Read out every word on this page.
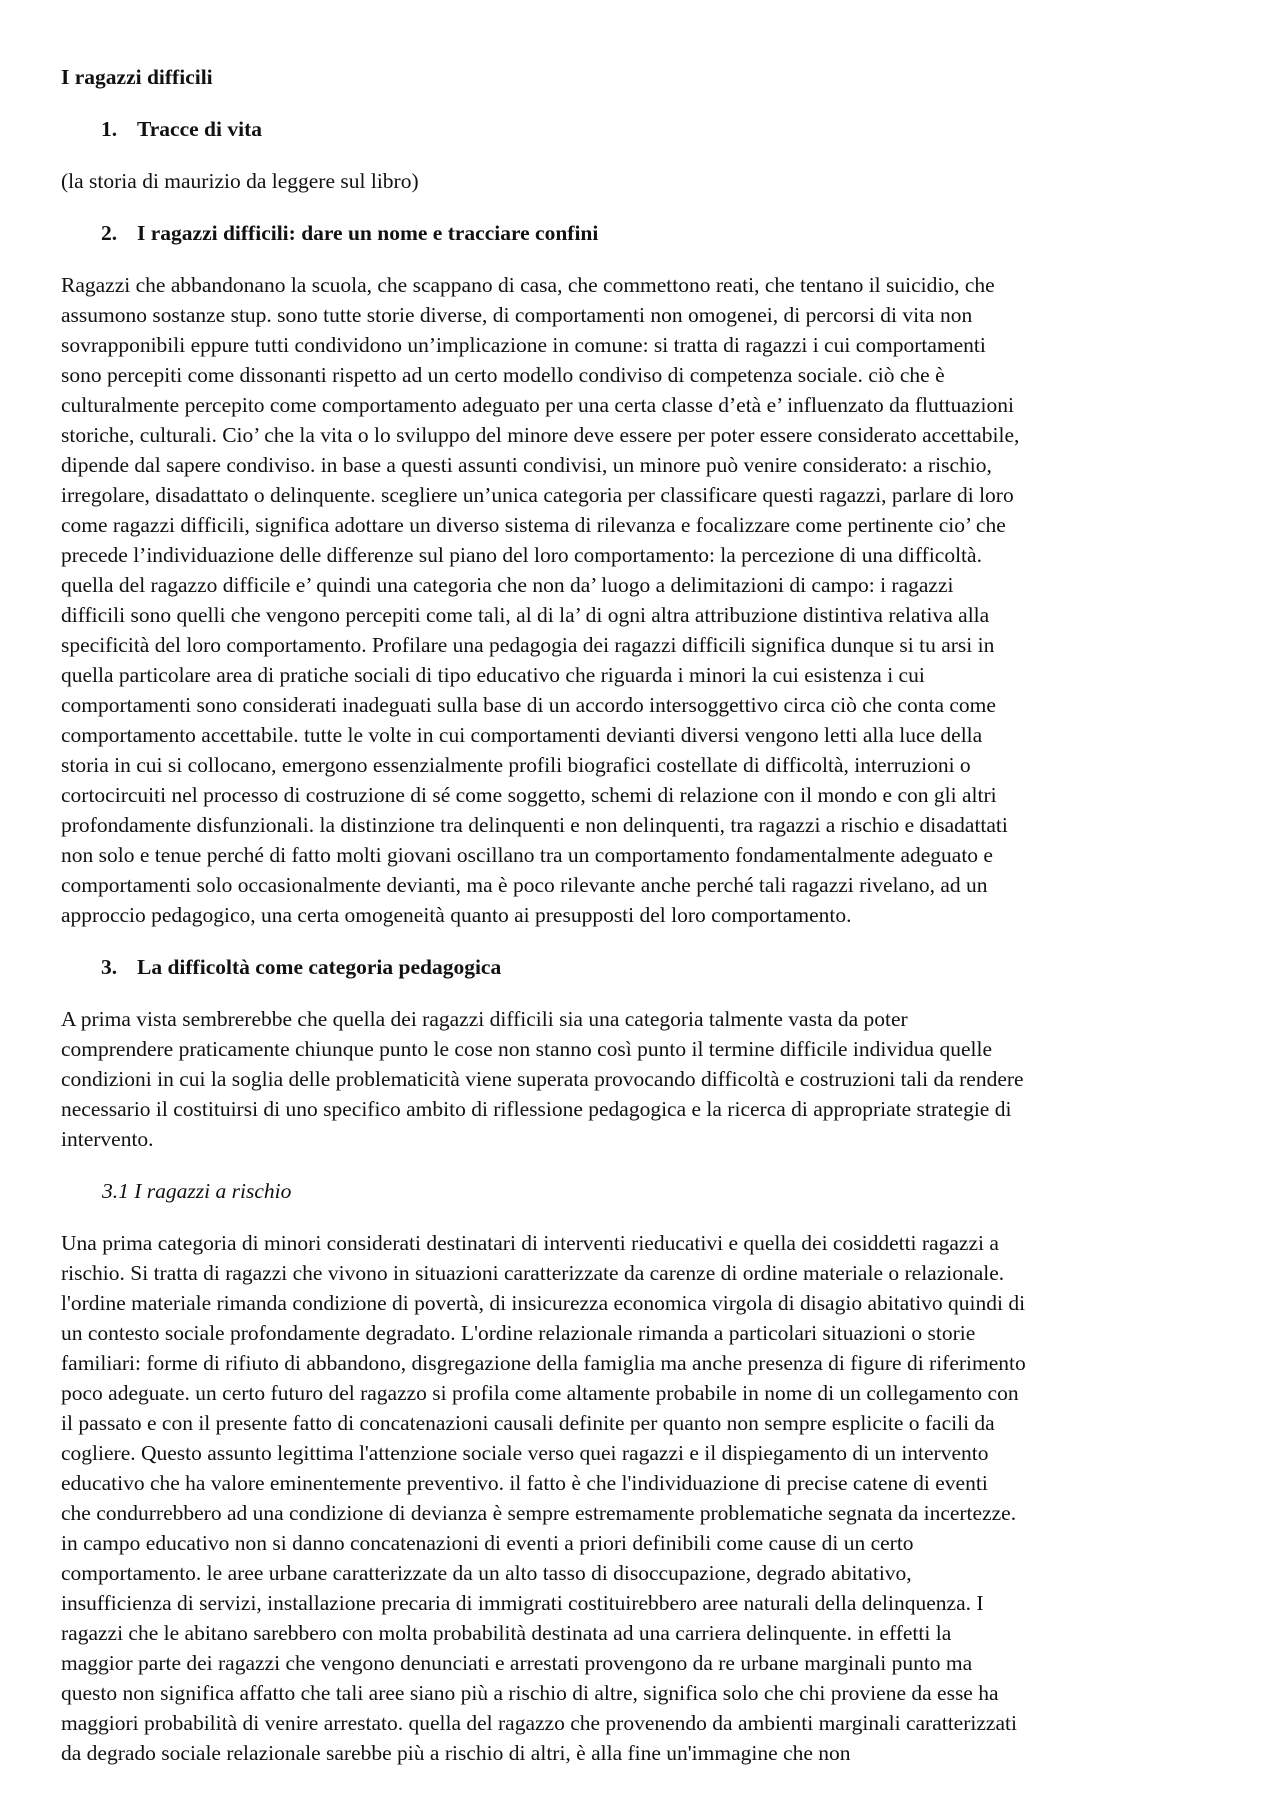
I ragazzi difficili
1. Tracce di vita
(la storia di maurizio da leggere sul libro)
2. I ragazzi difficili: dare un nome e tracciare confini
Ragazzi che abbandonano la scuola, che scappano di casa, che commettono reati, che tentano il suicidio, che
assumono sostanze stup. sono tutte storie diverse, di comportamenti non omogenei, di percorsi di vita non
sovrapponibili eppure tutti condividono un’implicazione in comune: si tratta di ragazzi i cui comportamenti
sono percepiti come dissonanti rispetto ad un certo modello condiviso di competenza sociale. ciò che è
culturalmente percepito come comportamento adeguato per una certa classe d’età e’ influenzato da fluttuazioni
storiche, culturali. Cio’ che la vita o lo sviluppo del minore deve essere per poter essere considerato accettabile,
dipende dal sapere condiviso. in base a questi assunti condivisi, un minore può venire considerato: a rischio,
irregolare, disadattato o delinquente. scegliere un’unica categoria per classificare questi ragazzi, parlare di loro
come ragazzi difficili, significa adottare un diverso sistema di rilevanza e focalizzare come pertinente cio’ che
precede l’individuazione delle differenze sul piano del loro comportamento: la percezione di una difficoltà.
quella del ragazzo difficile e’ quindi una categoria che non da’ luogo a delimitazioni di campo: i ragazzi
difficili sono quelli che vengono percepiti come tali, al di la’ di ogni altra attribuzione distintiva relativa alla
specificità del loro comportamento. Profilare una pedagogia dei ragazzi difficili significa dunque si tu arsi in
quella particolare area di pratiche sociali di tipo educativo che riguarda i minori la cui esistenza i cui
comportamenti sono considerati inadeguati sulla base di un accordo intersoggettivo circa ciò che conta come
comportamento accettabile. tutte le volte in cui comportamenti devianti diversi vengono letti alla luce della
storia in cui si collocano, emergono essenzialmente profili biografici costellate di difficoltà, interruzioni o
cortocircuiti nel processo di costruzione di sé come soggetto, schemi di relazione con il mondo e con gli altri
profondamente disfunzionali. la distinzione tra delinquenti e non delinquenti, tra ragazzi a rischio e disadattati
non solo e tenue perché di fatto molti giovani oscillano tra un comportamento fondamentalmente adeguato e
comportamenti solo occasionalmente devianti, ma è poco rilevante anche perché tali ragazzi rivelano, ad un
approccio pedagogico, una certa omogeneità quanto ai presupposti del loro comportamento.
3. La difficoltà come categoria pedagogica
A prima vista sembrerebbe che quella dei ragazzi difficili sia una categoria talmente vasta da poter
comprendere praticamente chiunque punto le cose non stanno così punto il termine difficile individua quelle
condizioni in cui la soglia delle problematicità viene superata provocando difficoltà e costruzioni tali da rendere
necessario il costituirsi di uno specifico ambito di riflessione pedagogica e la ricerca di appropriate strategie di
intervento.
3.1 I ragazzi a rischio
Una prima categoria di minori considerati destinatari di interventi rieducativi e quella dei cosiddetti ragazzi a
rischio. Si tratta di ragazzi che vivono in situazioni caratterizzate da carenze di ordine materiale o relazionale.
l'ordine materiale rimanda condizione di povertà, di insicurezza economica virgola di disagio abitativo quindi di
un contesto sociale profondamente degradato. L'ordine relazionale rimanda a particolari situazioni o storie
familiari: forme di rifiuto di abbandono, disgregazione della famiglia ma anche presenza di figure di riferimento
poco adeguate. un certo futuro del ragazzo si profila come altamente probabile in nome di un collegamento con
il passato e con il presente fatto di concatenazioni causali definite per quanto non sempre esplicite o facili da
cogliere. Questo assunto legittima l'attenzione sociale verso quei ragazzi e il dispiegamento di un intervento
educativo che ha valore eminentemente preventivo. il fatto è che l'individuazione di precise catene di eventi
che condurrebbero ad una condizione di devianza è sempre estremamente problematiche segnata da incertezze.
in campo educativo non si danno concatenazioni di eventi a priori definibili come cause di un certo
comportamento. le aree urbane caratterizzate da un alto tasso di disoccupazione, degrado abitativo,
insufficienza di servizi, installazione precaria di immigrati costituirebbero aree naturali della delinquenza. I
ragazzi che le abitano sarebbero con molta probabilità destinata ad una carriera delinquente. in effetti la
maggior parte dei ragazzi che vengono denunciati e arrestati provengono da re urbane marginali punto ma
questo non significa affatto che tali aree siano più a rischio di altre, significa solo che chi proviene da esse ha
maggiori probabilità di venire arrestato. quella del ragazzo che provenendo da ambienti marginali caratterizzati
da degrado sociale relazionale sarebbe più a rischio di altri, è alla fine un'immagine che non
